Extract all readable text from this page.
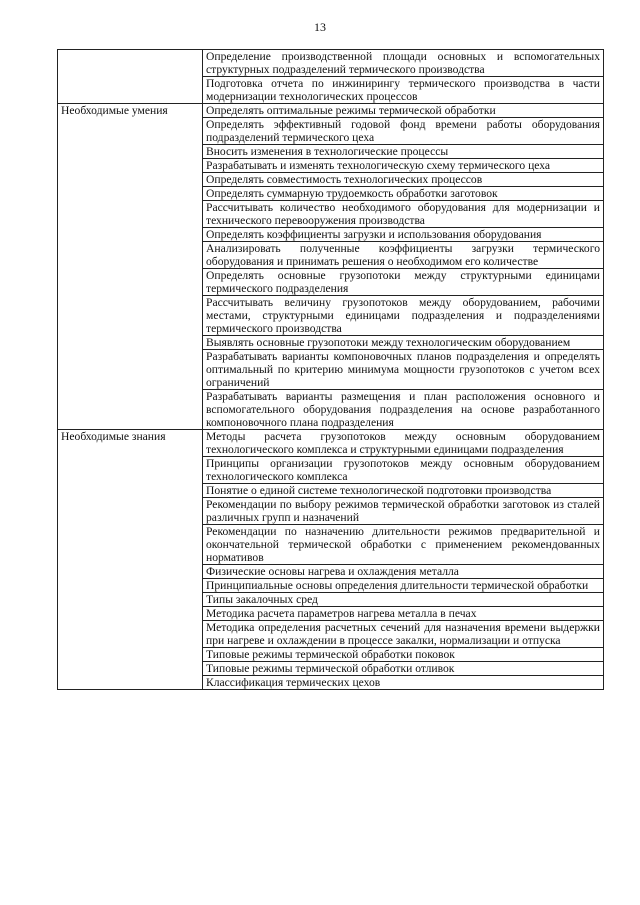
13
	Определение производственной площади основных и вспомогательных структурных подразделений термического производства
	Подготовка отчета по инжинирингу термического производства в части модернизации технологических процессов
Необходимые умения	Определять оптимальные режимы термической обработки
	Определять эффективный годовой фонд времени работы оборудования подразделений термического цеха
	Вносить изменения в технологические процессы
	Разрабатывать и изменять технологическую схему термического цеха
	Определять совместимость технологических процессов
	Определять суммарную трудоемкость обработки заготовок
	Рассчитывать количество необходимого оборудования для модернизации и технического перевооружения производства
	Определять коэффициенты загрузки и использования оборудования
	Анализировать полученные коэффициенты загрузки термического оборудования и принимать решения о необходимом его количестве
	Определять основные грузопотоки между структурными единицами термического подразделения
	Рассчитывать величину грузопотоков между оборудованием, рабочими местами, структурными единицами подразделения и подразделениями термического производства
	Выявлять основные грузопотоки между технологическим оборудованием
	Разрабатывать варианты компоновочных планов подразделения и определять оптимальный по критерию минимума мощности грузопотоков с учетом всех ограничений
	Разрабатывать варианты размещения и план расположения основного и вспомогательного оборудования подразделения на основе разработанного компоновочного плана подразделения
Необходимые знания	Методы расчета грузопотоков между основным оборудованием технологического комплекса и структурными единицами подразделения
	Принципы организации грузопотоков между основным оборудованием технологического комплекса
	Понятие о единой системе технологической подготовки производства
	Рекомендации по выбору режимов термической обработки заготовок из сталей различных групп и назначений
	Рекомендации по назначению длительности режимов предварительной и окончательной термической обработки с применением рекомендованных нормативов
	Физические основы нагрева и охлаждения металла
	Принципиальные основы определения длительности термической обработки
	Типы закалочных сред
	Методика расчета параметров нагрева металла в печах
	Методика определения расчетных сечений для назначения времени выдержки при нагреве и охлаждении в процессе закалки, нормализации и отпуска
	Типовые режимы термической обработки поковок
	Типовые режимы термической обработки отливок
	Классификация термических цехов
